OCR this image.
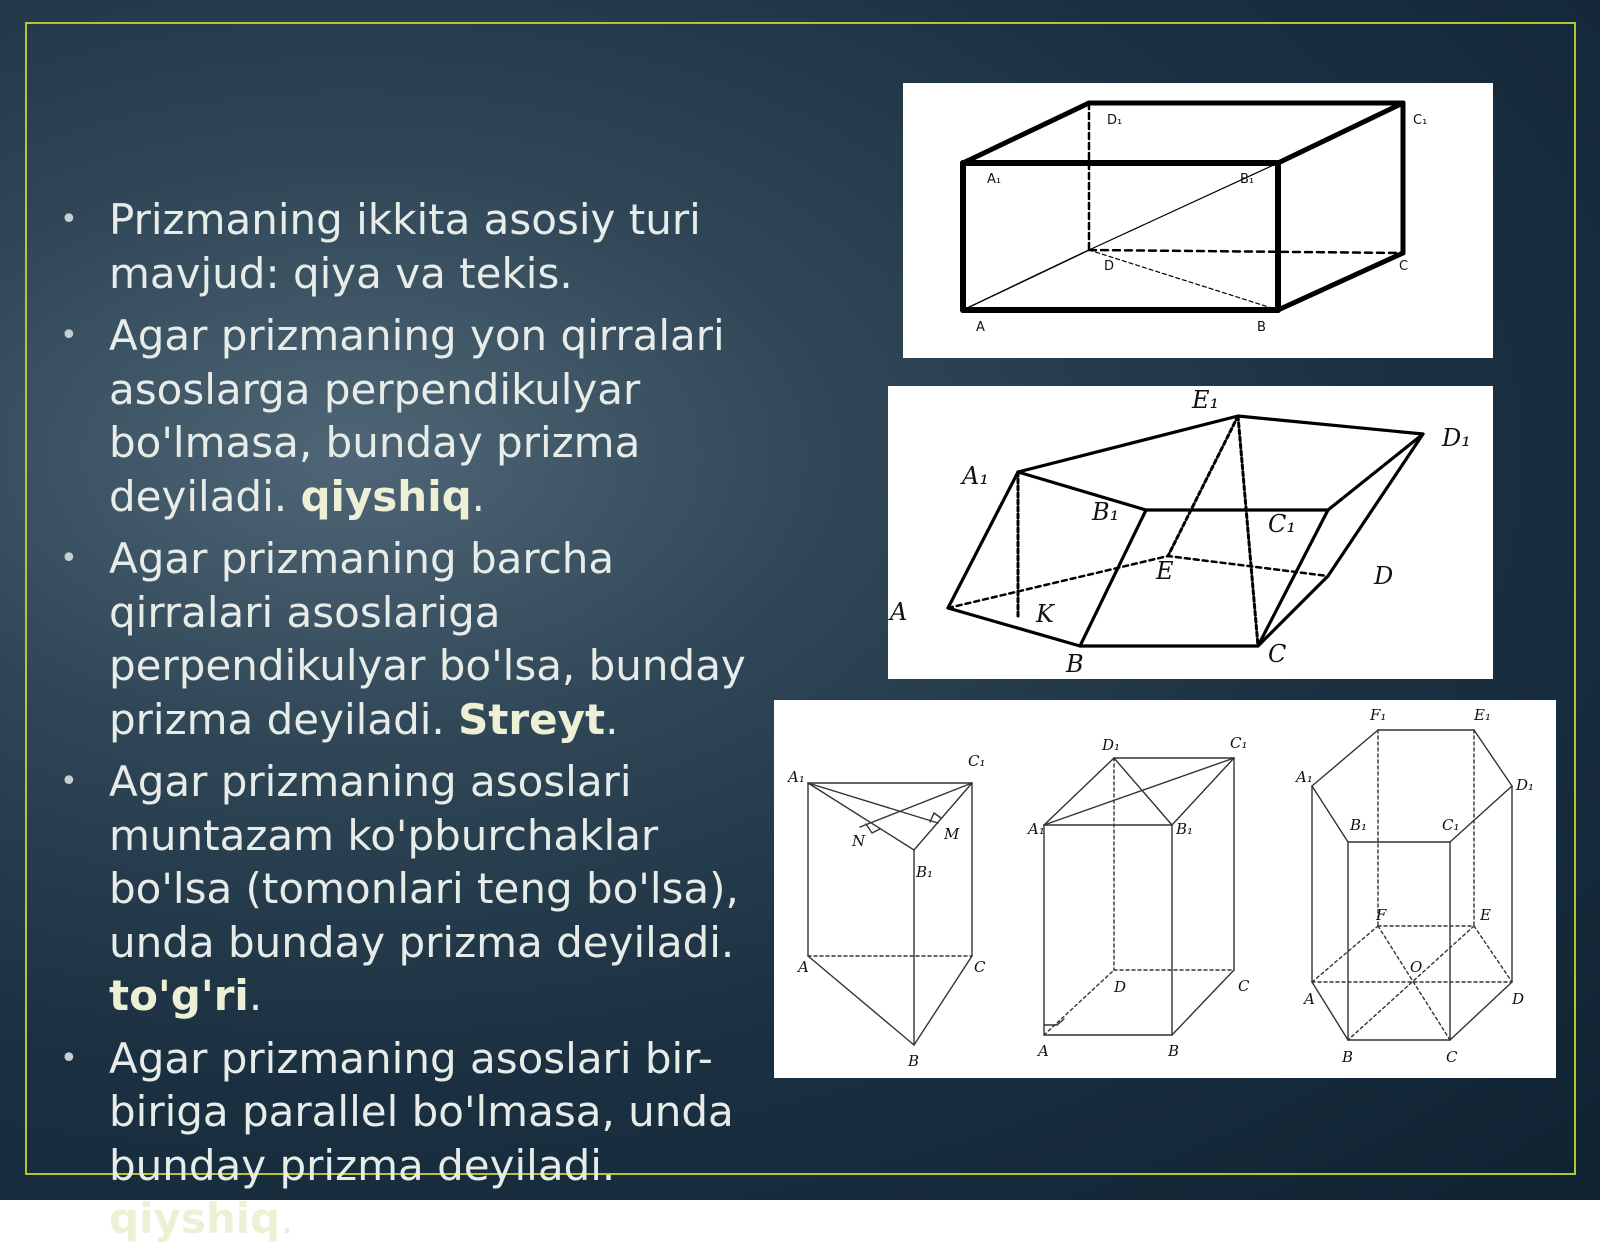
• Prizmaning ikkita asosiy turi mavjud: qiya va tekis.
• Agar prizmaning yon qirralari asoslarga perpendikulyar bo'lmasa, bunday prizma deyiladi. qiyshiq.
• Agar prizmaning barcha qirralari asoslariga perpendikulyar bo'lsa, bunday prizma deyiladi. Streyt.
• Agar prizmaning asoslari muntazam ko'pburchaklar bo'lsa (tomonlari teng bo'lsa), unda bunday prizma deyiladi. to'g'ri.
• Agar prizmaning asoslari bir-biriga parallel bo'lmasa, unda bunday prizma deyiladi. qiyshiq.
D₁	C₁
A₁	B₁
D	C
A	B
E₁
D₁
A₁
B₁	C₁
E	D
A	K
B	C
A₁
C₁
N	M
B₁
A	C
B
D₁	C₁
A₁	B₁
D	C
A	B
F₁	E₁
A₁	D₁
B₁	C₁
F	E
O
A	D
B	C
